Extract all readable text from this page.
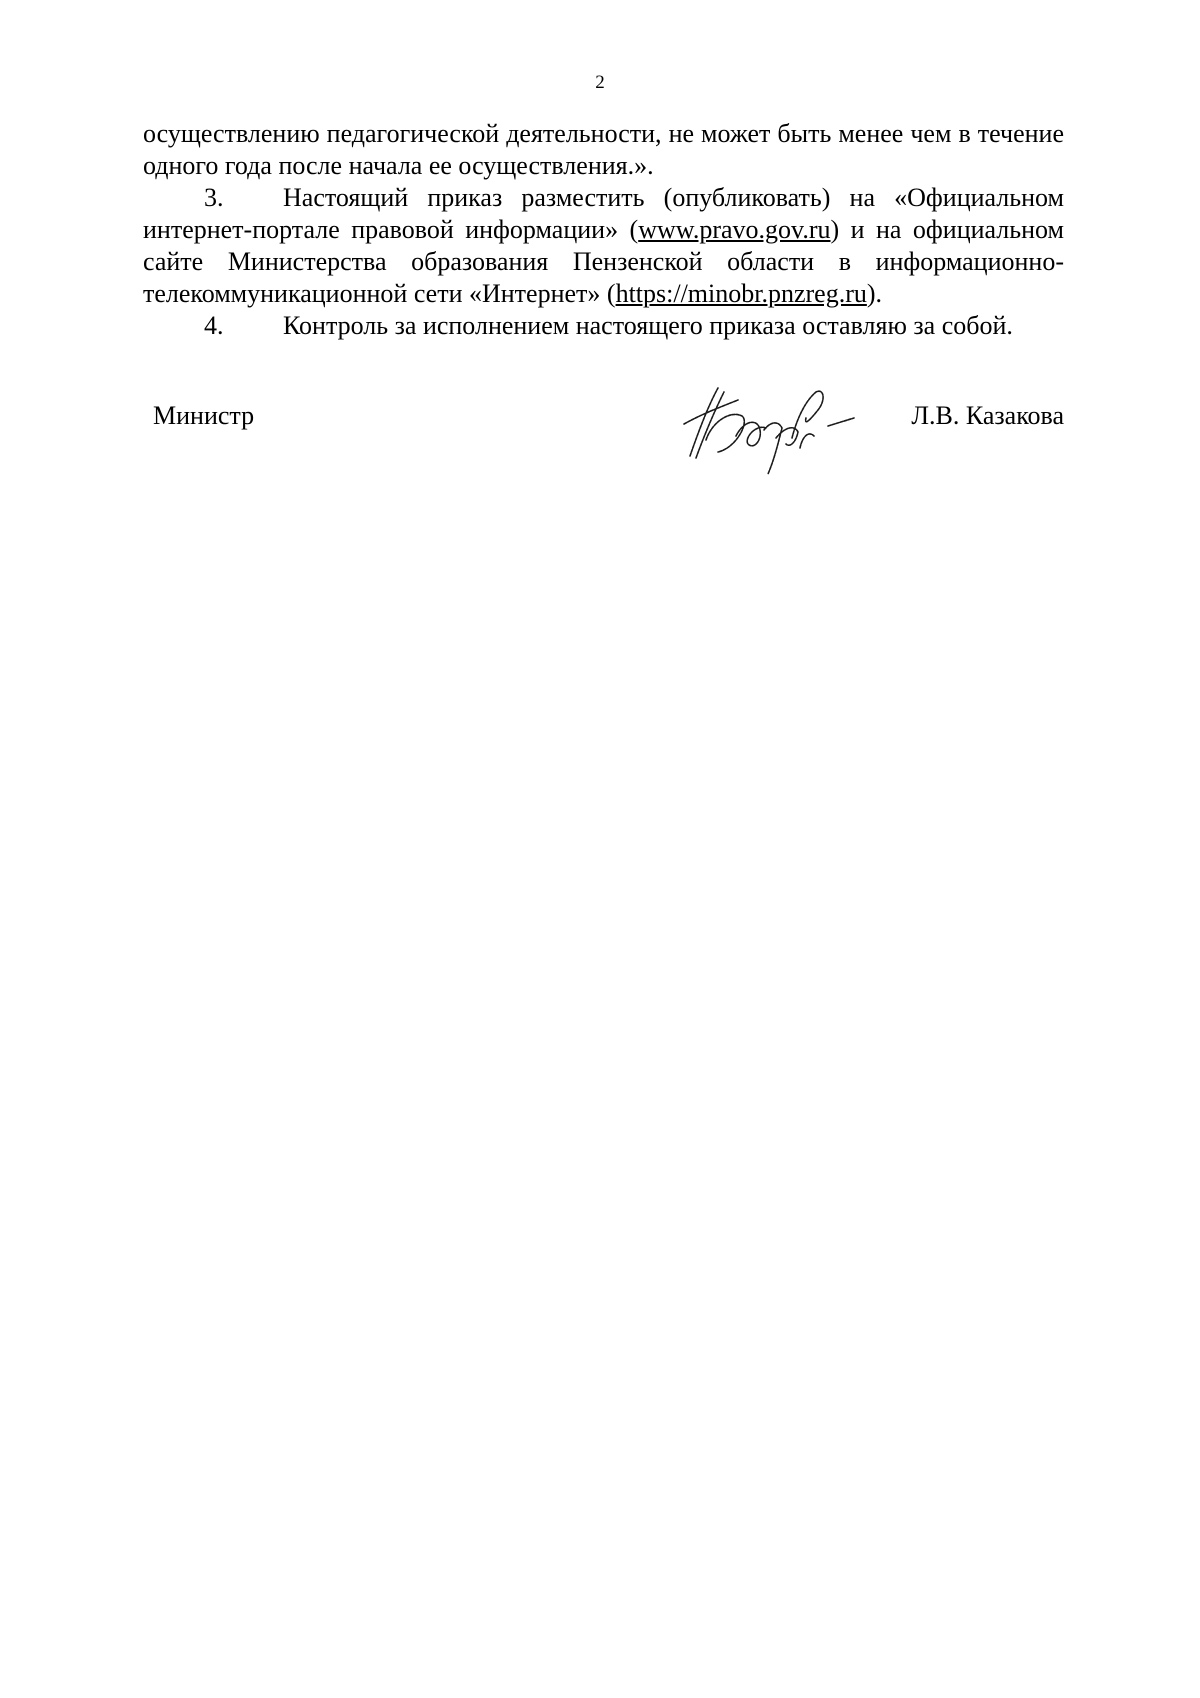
2

осуществлению педагогической деятельности, не может быть менее чем в течение одного года после начала ее осуществления.».

3. Настоящий приказ разместить (опубликовать) на «Официальном интернет-портале правовой информации» (www.pravo.gov.ru) и на официальном сайте Министерства образования Пензенской области в информационно-телекоммуникационной сети «Интернет» (https://minobr.pnzreg.ru).

4. Контроль за исполнением настоящего приказа оставляю за собой.

Министр	Л.В. Казакова
